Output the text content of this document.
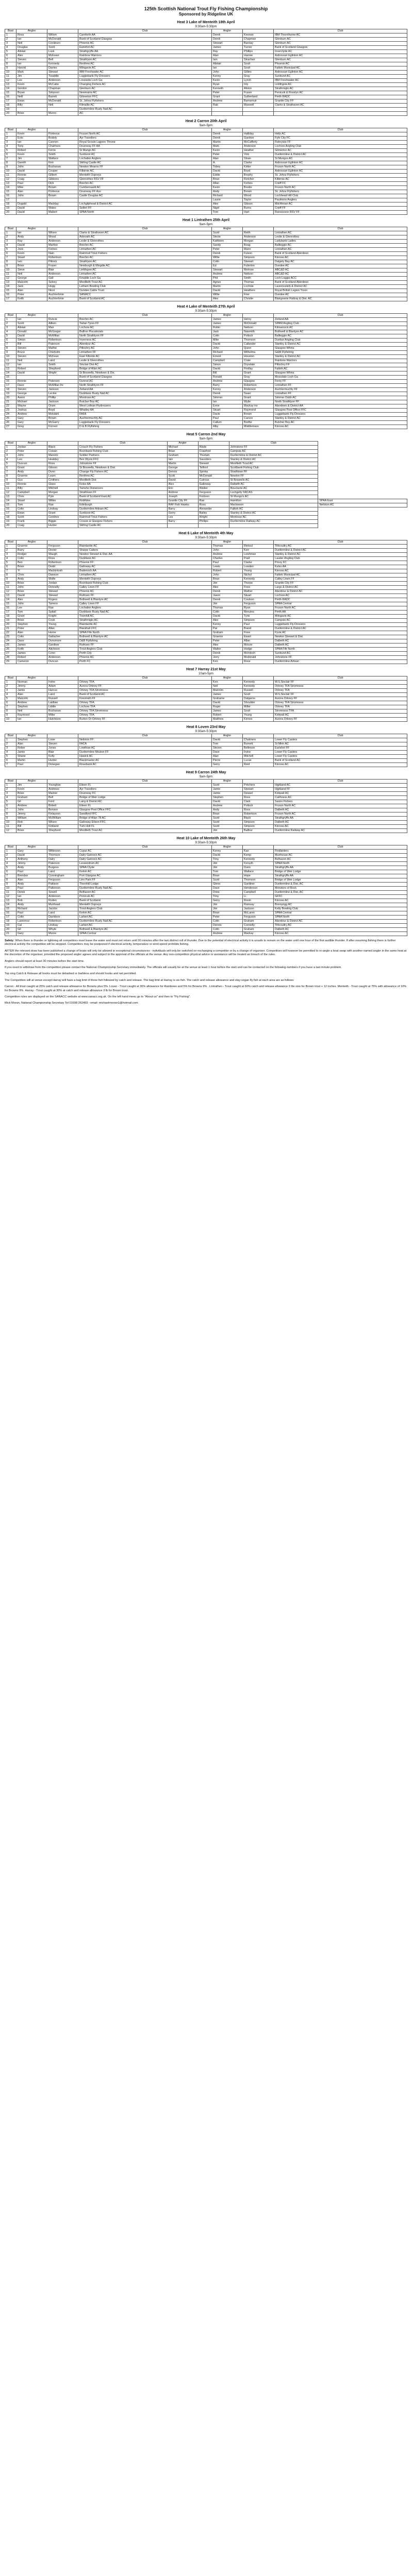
125th Scottish National Trout Fly Fishing Championship
Sponsored by Ridgeline UK
Heat 3 Lake of Menteith 18th April
9:30am-5:30pm
Boat	Angler		Club	Angler		Club
1	Ross	Willom	Carnforth AA	Derek	Keenan	IBM Thornthorne AC
2	Ian	McDonald	Bank of Scotland Glasgow	Derek	Chapman	Glenburn AC
3	Neil	Cockburn	Phoenix AC	Stewart	Barclay	Glenburn AC
4	Douglas	Scott	Earlsfort AC	James	Turner	Bank of Scotland Glasgow
5	Alistair	Lusk	Strathgryffe AA	Ray	Phillips	Inverclyde AC
6	Alex	McEwan	Rainbow Warriors	Alan	Hannie	Ardrossan Eglinton AC
7	Steven	Bell	Strathlyon AC	Iain	Strachan	Glenburn AC
8	Ian	Kennedy	Renfrew AC	Alistair	Scott	Phoenix AC
9	Harold	Davies	Milngavie AC	Ian	Scott	Falkirk Municipal AC
10	Mark	Stewart	IBM Freshwater AC	John	Gillies	Ardrossan Eglinton AC
11	Jim	Twaddle	Luggiebank Fly Dressers	Kenny	Gray	Sunburst AC
12	Lee	Anderson	Lossiside Loch Ga	Kevin	Lynch	IBM Freshwater AC
13	Kevin	McCabe	Changing Fishers AC	Ryan	Inly	Linlithgow AC
14	Gordon	Chapman	Glenburn AC	Kenneth	Alston	Strathmiglo AC
15	Bryan	Simpson	Newmains AC	Peter	Fraser	Penicuik & Rosslyn AC
16	Neill	Barrett	Gilmerton FFC	Grant	Sutherland	Perth RADC
17	Ewan	McDonald	St. Johns Flyfishers	Andrew	Barnamuir	Grantle City FF
18	Billy	Neil	Kilmallie AC	Rab	Maxwell	Clarks & Strathaven AC
19			Dunfermline Rusty Nail AC			
20	Brian	Munro	AC			
Heat 2 Carron 20th April
9am-5pm
Boat	Angler		Club	Angler		Club
1	Kevin	Porteous	Fruson North AC	Derek	Halliday	Helix AC
2	Eoin	Bodely	Ayr Travellers	Derek	Gardner	Fyfe City FC
3	Ian	Cannon	Royal Scouts Lagoon Throne	Martin	McCafferty	Fishryists FF
4	Tony	Chalmers	Dounreay FF AA	Mark	Anderson	Lochore Angling Club
5	Robert	Ferrie	St Mungo AC	Kevin	Heather	Gilmerton AC
6	Kevin	Smith	Sunburst AC	Peter	Vick	Dunfermline & District AC
7	Jim	Wallace	Lochaber Anglers	Alan	Sloan	St Mungos AC
8	Gareth	Kerr	Stirling Castle AC	A.	Clarke	Ardrossan Eglinton AC
9	John	Buchanan	Newton Mearns FF	Tobey	Kirkie	Fruson North AC
10	David	Couper	Kilbirnie AC	David	Boyd	Ardrossan Eglinton AC
11	Ronnie	Gilbert	Menteith Ospreys	Eddie	Brophy	St. Johns Flyfishers
12	Craig	Gibbons	Glenrothes RSV FF	Brian	Fletcher	Kilbirnie AC
13	Paul	Dick	Brechin AC	Allan	Forbes	Crieff FC
14	Mike	Brown	Cumbernauld AC	Kevin	Brodie	Fruson North AC
15	Alan	Porteous	Dounreay FF Ass	Andy	Brown	St. Johns Flyfishers
16	John	Brown	Castle Douglas AC	Richard	Wood	Lochhead Hill Club
17				Laurie	Taylor	Paulmore Anglers
18	Dugald	Macklay	Lochgilphead & District AC	Alex	Gibson	Mid Annan AC
19	David	Wales	Sellert FF	Nigel	Burns	Crieff FF
20	David	Mabert	SPAA North	Tom	Hart	Ranoscone RSV FF
Heat 1 Lintrathen 25th April
9am-5pm
Boat	Angler		Club	Angler		Club
1	Ian	Wilson	Clarks & Strathaven AC	Scott	Reith	Lintrathen AC
2	Andy	Wood	Arbroath AC	Stevie	Anderson	Leslie & Glenrothes
3	Ray	Anderson	Leslie & Glenrothes	Kathleen	Morgan	Ladybank Ladies
4	David	Marlton	Brechin AC	Sandy	Boag	Ballieggie AC
5	Jock	Forbes	Lintrathen AC	Peter	Mann	Lintrathen AC
6	Kevin	Nain	Rainmoil Trout Fishers	Derek	Fulson	Bank of Scotland Aberdeen
7	Stuart	Robertson	Brechin AC	Willie	Simpson	Kinross AC
8	Iain	Pittock	Strathlyon AC	Colin	Stewart	Dalgety Bay AC
9	Brian	Fraser	Newburgh & Mingdie AC	Ed	Fullerton	Dundee AC
10	Steve	Blair	Linlithgow AC	Stewart	Melrose	ABC&D AC
11	Neil	Anderson	Lintrathen AC	Andrew	Neilson	ABC&D AC
12	George	Gall	Kinaldie Loch Ga	Phil	Smith	Loch Loggie ACC
13	Malcolm	Selvey	Monifieth Trout AC	Agnes	Thomas	Bank of Scotland Aberdeen
14	Jack	Hogg	Letham Bowling Club	Martin	Lochnie	Laurencekirk & District AC
15	Alan	Nicol	Dundee Cable Trust	David	Heathers	Royal British Legion Troon
16	Peter	Auchterlonie	SANACC	Willie	Frier	Dundee AC
17	Keith	Auchterlonie	Bank of Scotland AC	Alex	Christie	Blairgowrie Rattray & Dist. AC
Heat 4 Lake of Menteith 27th April
9:30am-5:30pm
Boat	Angler		Club	Angler		Club
1	Ian	Runcie	Brechin AC	James	Henry	Zetland AA
2	Scott	Aitken	Tartan Tyres FF	James	McDonald	SPAM Angling Club
3	Alistair	Mair	Lochore AC	Robin	Neilson	Kilmarnock AC
4	Donald	McGregor	Balfron Piscatorials	Jack	Naismith	Bothwell & Blantyre AC
5	David	McMillan	North Strathlyon FF	Colin	Pollock	Ballieggie AC
6	Simon	Robertson	Inverness AC	Mike	Thomson	Dunbar Angling Club
7	Bill	Paterson	Aberdour AC	David	Callander	Stanley & District AC
8	Steven	Mathie	Pitlochry AC	John	Quinn	Glasgow Whins
9	Bruce	Chisholm	Lintrathen FF	Richard	Wilhelma	G&M Flyfishing
10	Steven	McKean	East Kilbride AC	Ernest	Houston	Stanley & District AC
11	Neil	Laird	Leslie & Glenrothes	Campbell	Crate	Rainbow Warriors
12	Ian	Smith	Sinclair Dist AC	Simon	Drysdale	Pitlochry FF
13	Robert	Shepherd	Bridge of Allan AC	David	Findlay	Falkirk AC
14	David	Wright	St Boswells, Newtown & Dis.	Bill	Grant	Glasgow Whins
15			Bank of Scotland Glasgow	Ronald	Gray	Mossdale Loch Ga
16	Ronnie	Petersen	Dunrod AC	Andrew	Glasgow	Fenty FF
17	Dave	McMillan Inr	North Strathlyon FF	Barry	Robertson	Lintrathen FF
18	Steven	Jackson	Zetland AA	Kenny	Anderson	Auchtermuchty FF
19	George	Leckie	Dunblane Rusty Nail AC	Derek	Swan	Lintrathen FF
20	Aaron	Phillip	Montrose AC	Simmer	Grant	Simmer Dubh AC
21	Michael	Jackson	Butcher Boy AC	Ian	Wylie	North Strathlyon FF
22	Wayne	Oram	West Lothian Flydressers	Ernie	Mackay rnr	Aberdeen & District AA
23	Joshua	Boyd	Whatley AA	Stuart	Raymond	Glasgow Post Office FFC
24	Andrew	Mckdahl	FAFA	Davie	Brown	Luggiebank Fly Dressers
25	Gary	Brown	Auchtermuchty AC	Paul	Carson	Stanley & District AC
26	Gary	McGarry	Luggiebank Fly Dressers	Callum	Bodhe	Butcher Boy AC
27	Greg	Forrest	D & B Flyfishing	Alby	Middlemass	Kinross AC
Heat 5 Carron 2nd May
9am-5pm
Boat	Angler		Club	Angler		Club	
1	Jordan	Black	Crouch Fly Fishers	Michael	Wade	Johnstone FF	
2	Peter	Cowan	Boonbank Fishing Club	Brian	Crawford	Campsie AC	
3	John	Mancini	Soldier Partners	Graham	Thurlam	Dunfermline & District AC	
4	Leo	Healdey	Ben Wyvis FFC	Iain	Saunders	Stanley & District AC	
5	Duncan	Ross	Johnstone FF	Martin	Stewart	Monifieth Trout AC	
6	Grant	Gibson	St Boswells, Newtown & Dist.	George	Telford	Scotlbank Fishing Club	
7	Andy	Dunn	Change Fly Fishers AC	Dennis	Spinka	Strathlean FF	
8	Graeme	Learn	Renfrew AC	Scott	McDonald	Newton FF	
9	Gus	Crothers	Monifieth Dist	David	Cutrous	St Boswells AC	
10	Ronnie	Glass	Kelso AA	Alex	Galloway	Dalbeth AC	
11	Billy	Mitchell	Tamsho Distancers	Eric	Walker	Bouckerie AC	
12	Campbell	Morgan	Strathlean FF	Andrew	Ferguson	Lochgelly SRCAS	
13	Chris	Pyle	Bank of Scotland East AC	Joseph	Fortison	St Mungo's AC	
14	Stuart	Wilkie	Robfides	Grantle City FF	Rae	Hamilton	SPAA East
15	Tom	Rae	Edinburgh	RAF Fish Hawks	Ross	Mackieson	Neilston AC
16	Colin	Lindsay	Dunfermline Artisan AC	Barry	Alexander	Falkirk AC	
17	Ewan	Grant	Sunburst AC	Gerry	Bailey	Stanley & District AC	
18	Scott	Cordinor	Rainmoil Trout Fishers	Les	Wright	Montrose AC	
19	Frank	Biggie	Crouse & Glasgow Fishers	Barry	Phillips	Dunfermline Railway AC	
20	Craig	Hunter	Stirling Castle AC				
Heat 6 Lake of Menteith 4th May
9:30am-5:30pm
Boat	Angler		Club	Angler		Club
1	Graeme	Ferguson	Blairdardie AC	Thomas	Rintoul	Tillicoultry AC
2	Barry	Dexter	Sharpe Catters	John	Kerr	Dunfermline & District AC
3	Rodger	Waugh	Newton Stewart & Dist. AA	Andrew	Leishman	Stanley & District AC
4	Colin	Ross	Dunblane AC	Charles	Pratt	Lauder Angling Club
5	Ben	Robertson	Phoenix FF	Paul	Clarke	Priory FC
6	Brian	Dodd	Galloway AC	Lewis	Lowden	Kelso AA
7	Yi	Mackintosh	Badenoch AA	Robert	Young	Kinross AC
8	Chris	Dawson	Lintrathen AC	John	Nichol	Falkirk Municipal AC
9	Andy	Wolfe	Menteith Ospreys	Brian	Kennedy	Calley Linen FF
10	Brian	Jordan	Boonbank Fishing Club	Jim	Thorpe	Grantle City FF
11	John	Donnelly	Calley Linen FF	Alex	Frew	Largs & District AC
12	Brian	Stewart	Phoenix AC	Derek	Mather	Aberdour & District AC
13	David	Stewart	Ruthven FF	Jason	Stuart	Lochore AC
14	Alex	Rogers	Bothwell & Blantyre AC	Derek	Coulson	Perth RADC
15	John	Tarrens	Calley Linen FF	Jim	Ferguson	SPAA Central
16	Lee	Rae	Lochaber Anglers	Thomas	Ryan	Fruson North AC
17	Tom	Spitall	Dunblane Rusty Nail AC	Colin	Menzies	Perth AA
18	Grant	Knight	Townhill AC	David	Tyrie	Milngavie AC
19	Brian	Cook	Strathmiglo AC	Alex	Simpson	Campsie AC
20	Stephen	Young	Blairdardie AC	Kenny	Paul	Luggiebank Fly Dressers
21	Peter	Allan	Blackhall FFC	Pat	Brand	Dunfermline & District AC
22	Alan	Horne	SPAA Fife North	Graham	Frew	Fyvie AC
23	Colin	Gallacher	Bothwell & Blantyre AC	Graeme	Ewart	Newton Stewart & Dist.
24	Dave	Dunsmore	D&B Flyfishing	Peter	Allan	Dalbeth AC
25	James	Gardiner	Ruthven FF	Alex	Mcture	Dalbeth AC
26	Keith	Aitchison	Trout Anglers Club	Walter	Hodge	SPAA Fife North
27	James	Conn	Perth City	Derek	McIntosh	Sunburst AC
28	Robert	Anderson	Phoenix AC	Jerry	Mcdonald	Johnstone FF
29	Cameron	Duncan	Perth FC	Ken	Rose	Dunfermline Artisan
Heat 7 Harray 21st May
10am-5pm
Boat	Angler		Club	Angler		Club
1	Norman	Irvine	Orkney TFA	Ken	Kennedy	W.S.Sinclair FF
2	Jimmy	Adam	Aurora Orkney FF	Neil	Kennedy	Orkney TFA Stromness
3	Jamie	Harcus	Orkney TFA Stromness	Malcolm	Russell	Orkney TFA
4	Alan	Laird	Bank of Scotland AC	James	Scott	W.S.Sinclair FF
5	Malcolm	Russell	Firestrath FF	Grahame	Dalgarno	Aurora Orkney FF
6	Andrew	Laidlaw	Orkney TFA	David	Shoulder	Orkney TFA Stromness
7	Stephen	Liddle	Lochore TFA	Roger	Miller	Orkney TFA
8	Neil	Buchanan	Orkney TFA Stromness	James	Scott	Stromness TFA
9	Raymond	Miller	Orkney TFA	Robert	Young	Kirkwall AC
10	Ian	Hutchison	Burton Or Orkney FF	Matthew	Kinnes	Aurora Orkney FF
Heat 8 Loven 23rd May
9:30am-5:30pm
Boat	Angler		Club	Angler		Club
1	Stephen	Lowe	Neilston FF	David	Chalmers	Lower Fly Casters
2	Alan	Steven	FACA	Tom	Burnett	St Mirin AC
3	Rober	Jones	Lowthian AC	Steven	Bellmore	Earlsfort FF
4	Jamie	Blair	Dunfermline Mouton FF	Dave	Irvine	Lower Fly Casters
5	Shane	Kelly	Hawick AC	Alan	Mitchell	Lower Fly Casters
6	Martin	Hunter	Blackmaster AC	Pierre	Lucas	Bank of Scotland AC
7	Paul	Donegan	Rosebank AC	Gerry	Reid	Kinross AC
Heat 9 Carron 24th May
9am-5pm
Boat	Angler		Club	Angler		Club
1	Jim	Younghan	Eileen FL	Scott	Pritchers	Highland AC
2	Kevin	Andrews	Ayr Travellers	Jamie	Stewart	Highland FF
3	Brian	Mackie	Dounreay FC	Jamie	Dewart	Kirkwall AC
4	Graham	Bell	Bridge of Weir Lodge	Stephen	Ross	Caithness AC
5	Gil	Ford	Lairg & District AC	David	Clark	Saxon Fishers
6	Andrew	Birkett	Eileen FL	Andrew	Pollock	Fruson North AC
7	John	Benson	Glasgow Post Office FFC	Andy	Ross	Dalbeth AC
8	Jimmy	Finlayson	Sandford FFC	Brian	Robertson	Fruson North AC
9	William	McWilliam	Bridge of Allan 78 AC	Scott	Black	Strathgryffe AA
10	Rob	Wilson	Galloway Eileen FFC	Scott	Simpson	Dalbeth AC
11	Bill	Kirkland	Turk Holt FL	Scott	Simpson	Kinross AC
12	Brian	Shepherd	Monifieth Trout AC	Jim	Balfour	Dunfermline Railway AC
Heat 10 Lake of Menteith 26th May
9:30am-5:30pm
Boat	Angler		Club	Angler		Club
1	Gary	Wilkinson	Cupar AC	Kenny	Kan	Findlanters
2	David	Thomson	Dalry Gatnock AC	David	Kemp	Muirhouse AC
3	Anthony	Dalry	Dalry Gatnock AC	Tony	Kennedy	Belhaven AC
4	Jimmy	Paterson	Lessendrum AC	Jim	Forsyth	SPAA North
5	Andy	Burgess	SPAA Clyde	Jim	Dunn	Strathgryffe AA
6	Paul	Laird	Kelvin AC	Tom	Wallace	Bridge of Weir Lodge
7	Brendan	Cunningham	Port Glasgow AC	Brian	Hope	Strathgryffe AA
8	Alan	Ferguson	Linn Park FF	Scott	Thomson	Bridge of Weir Lodge
9	Andy	Pattison	Thornhill Lodge	Glenn	Gardiner	Dunfermline & Dist. AC
10	Paul	Patterson	Dunfermline Rusty Nail AC	Dave	Henderson	Monsters of Rock
11	Derek	Sewell	Belhaven AC	Drew	Campbell	Dunfermline & Dist. AC
12	Ian	Anderson	Penicuik AC	Tony	Li	GFFC
13	Bob	Roden	Bank of Scotland	Gerry	Rosin	Kinross AC
14	Andy	Muirhead	Menteith Ospreys	Jim	Ramsay	Bonnyrigg AC
15	Richard	Jacobs	Trout Anglers Club	Jim	Jackson	Kelty Bowling Club
16	Paul	Laird	Kelvin AC	Brian	McLaren	SPAA Central
17	Colin	Davidson	Larbert AC	Peter	Ferguson	SPAA North
18	Lawrence	Robertson	Dunfermline Rusty Nail AC	Colin	Graham	Aberdour & District AC
19	Cal	Lindsay	Larbert AC	Dennis	Connelly	Tillicoultry AC
20	Gil	Whyte	Bothwell & Blantyre AC	Colin	Graham	Dalbeth AC
21	Gary	Moore	SPAA Central	Andrew	Mackay	Kinross AC

Safety: When there is thunder or lightning all competitors must leave the water and must not return until 30 minutes after the last distinct roll of thunder. Due to the potential of electrical activity it is unsafe to remain on the water until one hour of the first audible thunder. If after resuming fishing there is further electrical activity the competition will be stopped. Competitors may be postponed if electrical activity, temperature or wind speed prohibits fishing.

AFTER the relevant draw has been published a change of boats will only be allowed in exceptional circumstances - individuals will only be switched on exchanging a competitor or by a change of organiser. Competitors will however be permitted to re-angle a boat swap with another named angler in the same heat at the discretion of the organiser, provided the proposed angler agrees and subject to the approval of the officials at the venue. Any non-competition physical advice or assistance will be treated as breach of the rules.

Anglers should report at least 30 minutes before the start time.

If you need to withdraw from the competition please contact the National Championship Secretary immediately. The officials will usually be at the venue at least 1 hour before the start and can be contacted on the following numbers if you have a last minute problem.

Top sing Catch & Release all hooks must be debarbed or barbless and should hooks and net permitted.

The Competition will at venue except Harray will have a bag limit of three fish followed by catch and release. The bag limit at Harray is six fish. The catch and release allowance and stay-vegan fly fish at each area are as follows:

Carron - All trout caught at 25% catch and release allowance for Browns plus 5%. Loven - Trout caught at 30% allowance for Rainbows and 5% for Browns 9% . Lintrathen - Trout caught at 60% catch and release allowance 3 lbs size for Brown trout + 12 inches. Menteith - Trout caught at 75% with allowance of 10% for Browns 9%. Harray - Trout caught at 30% at catch and release allowance 3 lb for Brown trout.

Competition rules are displayed on the SANACC website at www.sanacc.org.uk. On the left hand menu go to "About us" and then to "Fly Fishing".

Mick Moran, National Championship Secretary Tel 01698 262493 - email: michaelrmoran1@hotmail.com
